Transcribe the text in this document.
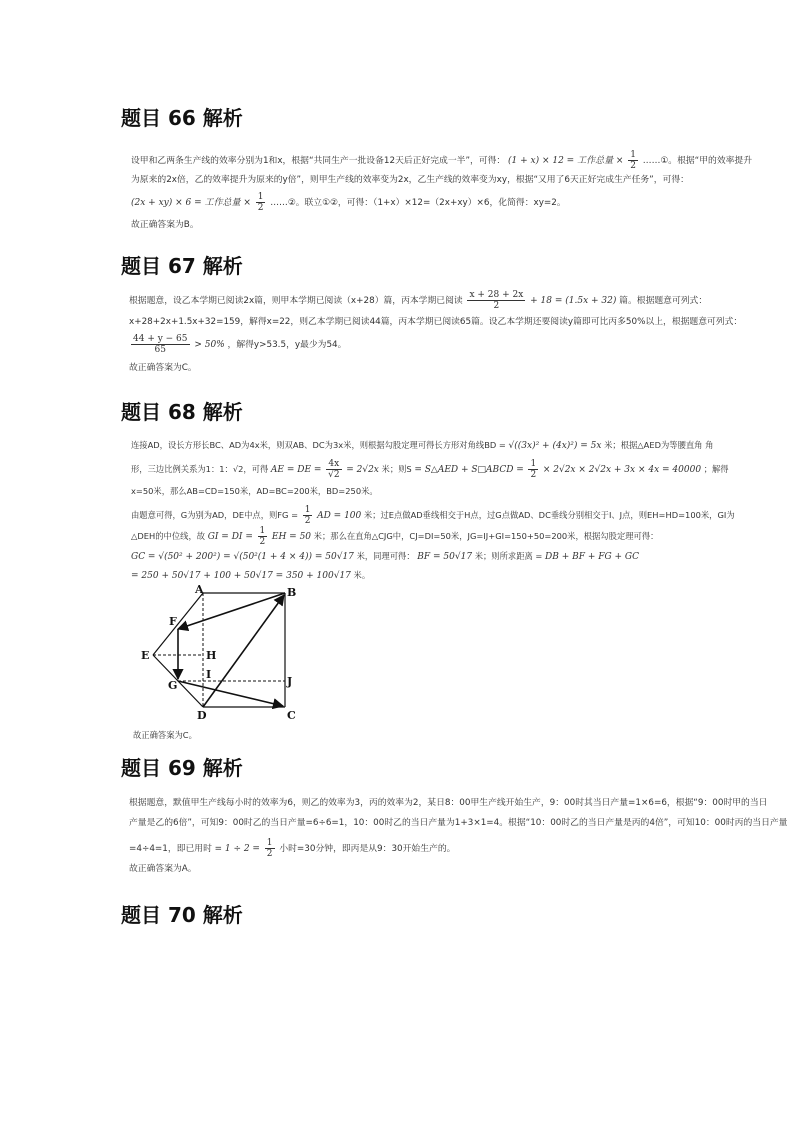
题目 66 解析
设甲和乙两条生产线的效率分别为1和x，根据“共同生产一批设备12天后正好完成一半”，可得： (1 + x) × 12 = 工作总量 × $\frac{1}{2}$ ……①。根据“甲的效率提升
为原来的2x倍，乙的效率提升为原来的y倍”，则甲生产线的效率变为2x，乙生产线的效率变为xy，根据“又用了6天正好完成生产任务”，可得：
(2x + xy) × 6 = 工作总量 × $\frac{1}{2}$ ……②。联立①②，可得：（1+x）×12=（2x+xy）×6，化简得：xy=2。
故正确答案为B。
题目 67 解析
根据题意，设乙本学期已阅读2x篇，则甲本学期已阅读（x+28）篇，丙本学期已阅读 $\frac{x + 28 + 2x}{2} + 18 = (1.5x + 32)$ 篇。根据题意可列式：
x+28+2x+1.5x+32=159，解得x=22，则乙本学期已阅读44篇，丙本学期已阅读65篇。设乙本学期还要阅读y篇即可比丙多50%以上，根据题意可列式：
$\frac{44 + y - 65}{65} > 50\%$ ，解得y>53.5，y最少为54。
故正确答案为C。
题目 68 解析
连接AD，设长方形长BC、AD为4x米，则双AB、DC为3x米，则根据勾股定理可得长方形对角线BD = √((3x)² + (4x)²) = 5x 米；根据△AED为等腰直角 角
形，三边比例关系为1：1：√2，可得 AE = DE = $\frac{4x}{√2} = 2√2x$ 米；则S = S△AED + S□ABCD = $\frac{1}{2} \times 2√2x \times 2√2x + 3x \times 4x = 40000$ ；解得
x=50米，那么AB=CD=150米，AD=BC=200米，BD=250米。
由题意可得，G为别为AD，DE中点，则FG = $\frac{1}{2}$ AD = 100 米；过E点做AD垂线相交于H点，过G点做AD、DC垂线分别相交于I、J点，则EH=HD=100米，GI为
△DEH的中位线，故 GI = DI = $\frac{1}{2}$ EH = 50 米；那么在直角△CJG中，CJ=DI=50米，JG=IJ+GI=150+50=200米，根据勾股定理可得：
GC = √(50² + 200²) = √(50²(1 + 4 × 4)) = 50√17 米，同理可得： BF = 50√17 米；则所求距离 = DB + BF + FG + GC
= 250 + 50√17 + 100 + 50√17 = 350 + 100√17 米。
A	B
C
D
E
F
G
H
I
J
故正确答案为C。
题目 69 解析
根据题意，默值甲生产线每小时的效率为6，则乙的效率为3，丙的效率为2，某日8：00甲生产线开始生产，9：00时其当日产量=1×6=6，根据“9：00时甲的当日
产量是乙的6倍”，可知9：00时乙的当日产量=6÷6=1，10：00时乙的当日产量为1+3×1=4。根据“10：00时乙的当日产量是丙的4倍”，可知10：00时丙的当日产量
=4÷4=1，即已用时 = $1 \div 2 = \frac{1}{2}$ 小时=30分钟，即丙是从9：30开始生产的。
故正确答案为A。
题目 70 解析
